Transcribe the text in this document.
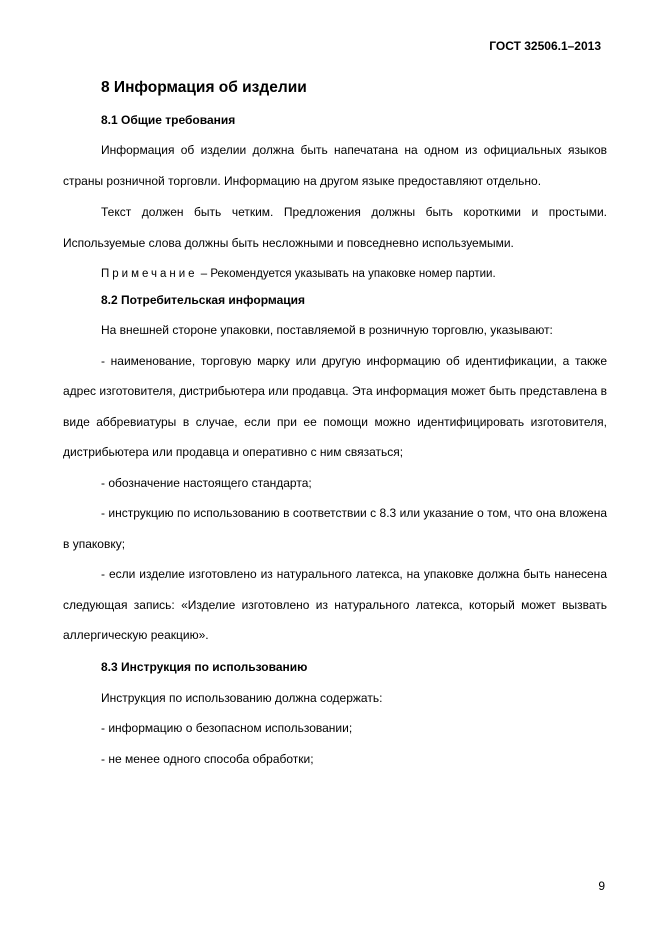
ГОСТ 32506.1–2013
8 Информация об изделии
8.1 Общие требования

Информация об изделии должна быть напечатана на одном из официальных языков страны розничной торговли. Информацию на другом языке предоставляют отдельно.

Текст должен быть четким. Предложения должны быть короткими и простыми. Используемые слова должны быть несложными и повседневно используемыми.

Примечание – Рекомендуется указывать на упаковке номер партии.

8.2 Потребительская информация

На внешней стороне упаковки, поставляемой в розничную торговлю, указывают:

- наименование, торговую марку или другую информацию об идентификации, а также адрес изготовителя, дистрибьютера или продавца. Эта информация может быть представлена в виде аббревиатуры в случае, если при ее помощи можно идентифицировать изготовителя, дистрибьютера или продавца и оперативно с ним связаться;

- обозначение настоящего стандарта;

- инструкцию по использованию в соответствии с 8.3 или указание о том, что она вложена в упаковку;

- если изделие изготовлено из натурального латекса, на упаковке должна быть нанесена следующая запись: «Изделие изготовлено из натурального латекса, который может вызвать аллергическую реакцию».

8.3 Инструкция по использованию

Инструкция по использованию должна содержать:

- информацию о безопасном использовании;

- не менее одного способа обработки;

9
